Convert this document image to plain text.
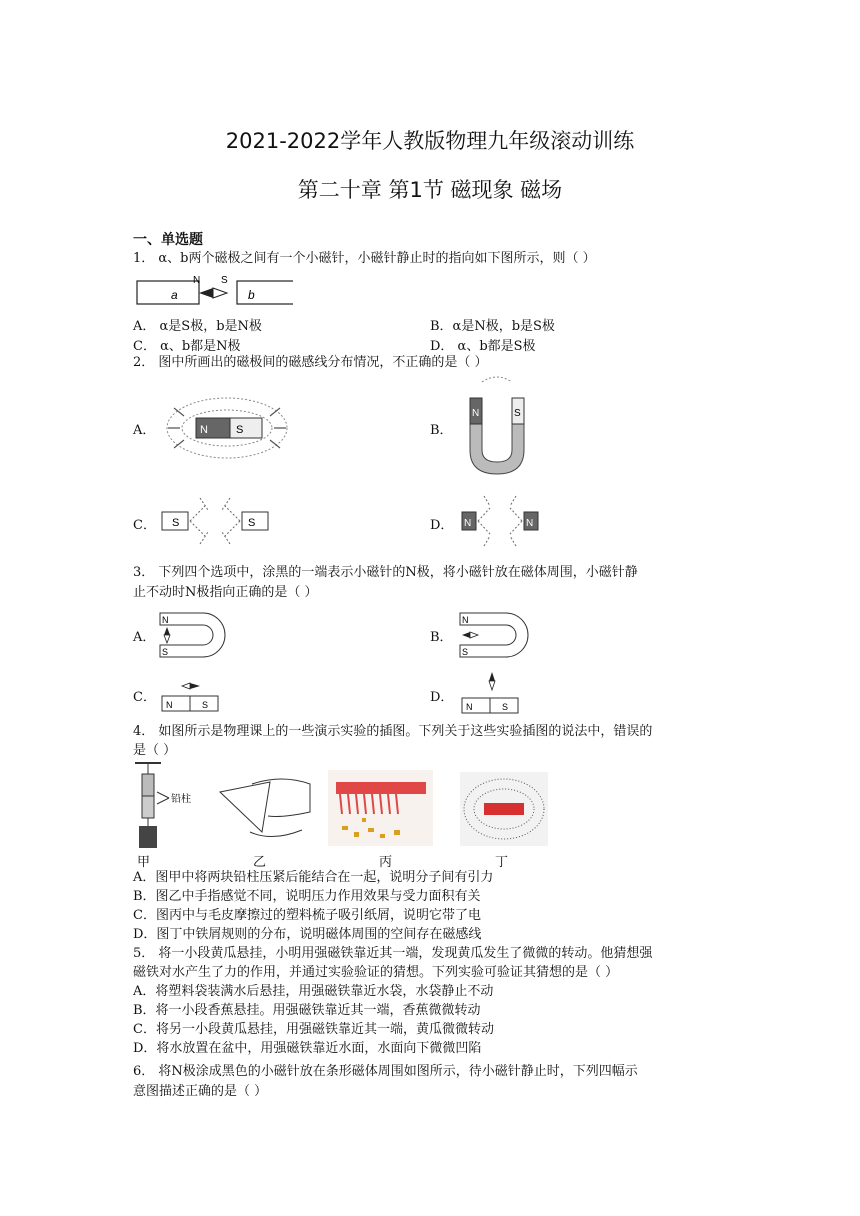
2021-2022学年人教版物理九年级滚动训练
第二十章 第1节 磁现象 磁场
一、单选题
1． α、b两个磁极之间有一个小磁针，小磁针静止时的指向如下图所示，则（ ）
a	b
N S
A． α是S极，b是N极	B．α是N极，b是S极
C． α、b都是N极	D． α、b都是S极
2． 图中所画出的磁极间的磁感线分布情况，不正确的是（ ）
A．	N	S	B．
N	S
C． S	S	D． N	N
3． 下列四个选项中，涂黑的一端表示小磁针的N极，将小磁针放在磁体周围，小磁针静
止不动时N极指向正确的是（ ）
A．
N
S
B．
N
S
C． N	S	D．
N	S
4． 如图所示是物理课上的一些演示实验的插图。下列关于这些实验插图的说法中，错误的
是（ ）
铅柱
甲	乙	丙	丁
A．图甲中将两块铅柱压紧后能结合在一起，说明分子间有引力
B．图乙中手指感觉不同，说明压力作用效果与受力面积有关
C．图丙中与毛皮摩擦过的塑料梳子吸引纸屑，说明它带了电
D．图丁中铁屑规则的分布，说明磁体周围的空间存在磁感线
5． 将一小段黄瓜悬挂，小明用强磁铁靠近其一端，发现黄瓜发生了微微的转动。他猜想强
磁铁对水产生了力的作用，并通过实验验证的猜想。下列实验可验证其猜想的是（ ）
A．将塑料袋装满水后悬挂，用强磁铁靠近水袋，水袋静止不动
B．将一小段香蕉悬挂。用强磁铁靠近其一端，香蕉微微转动
C．将另一小段黄瓜悬挂，用强磁铁靠近其一端，黄瓜微微转动
D．将水放置在盆中，用强磁铁靠近水面，水面向下微微凹陷
6． 将N极涂成黑色的小磁针放在条形磁体周围如图所示，待小磁针静止时，下列四幅示
意图描述正确的是（ ）
